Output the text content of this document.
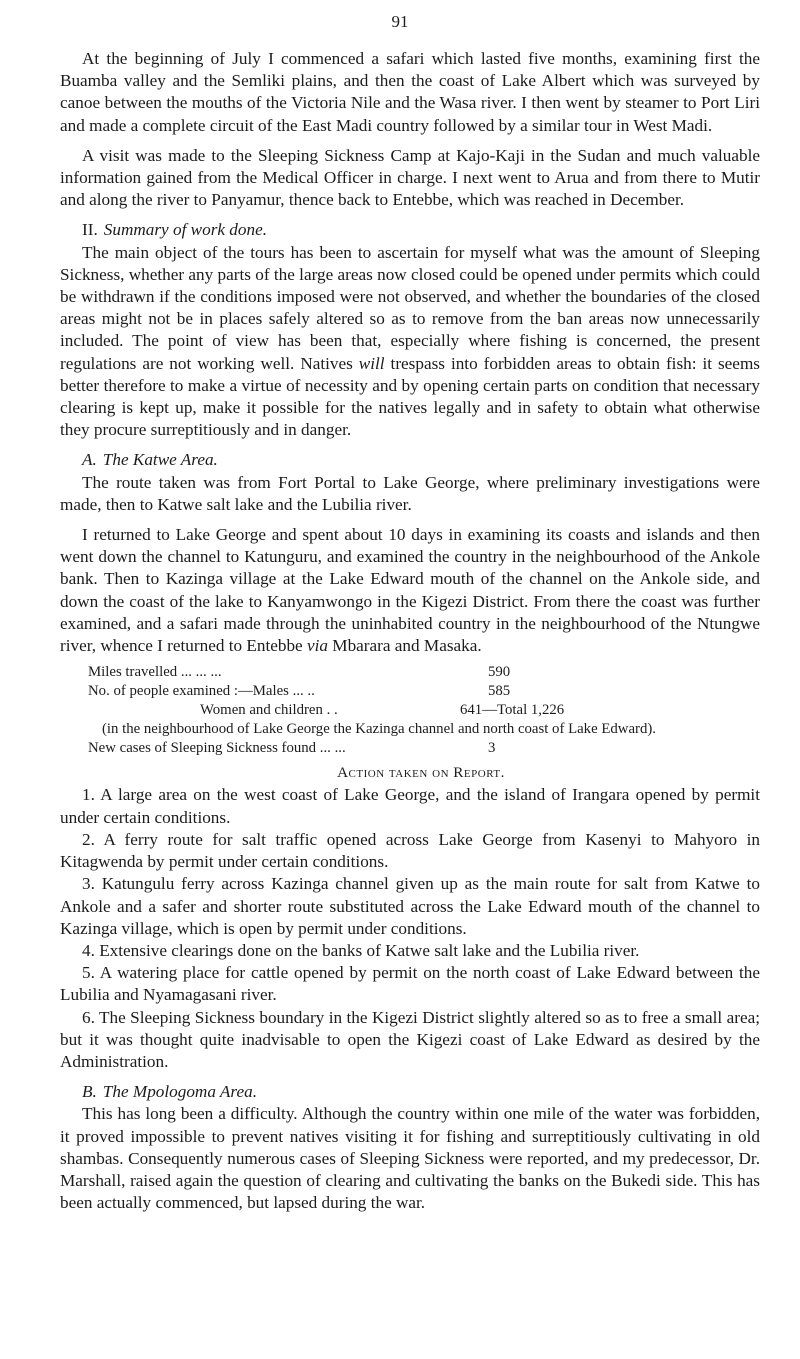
91

At the beginning of July I commenced a safari which lasted five months, examining first the Buamba valley and the Semliki plains, and then the coast of Lake Albert which was surveyed by canoe between the mouths of the Victoria Nile and the Wasa river. I then went by steamer to Port Liri and made a complete circuit of the East Madi country followed by a similar tour in West Madi.

A visit was made to the Sleeping Sickness Camp at Kajo-Kaji in the Sudan and much valuable information gained from the Medical Officer in charge. I next went to Arua and from there to Mutir and along the river to Panyamur, thence back to Entebbe, which was reached in December.

II. Summary of work done.

The main object of the tours has been to ascertain for myself what was the amount of Sleeping Sickness, whether any parts of the large areas now closed could be opened under permits which could be withdrawn if the conditions imposed were not observed, and whether the boundaries of the closed areas might not be in places safely altered so as to remove from the ban areas now unnecessarily included. The point of view has been that, especially where fishing is concerned, the present regulations are not working well. Natives will trespass into forbidden areas to obtain fish: it seems better therefore to make a virtue of necessity and by opening certain parts on condition that necessary clearing is kept up, make it possible for the natives legally and in safety to obtain what otherwise they procure surreptitiously and in danger.

A. The Katwe Area.

The route taken was from Fort Portal to Lake George, where preliminary investigations were made, then to Katwe salt lake and the Lubilia river.

I returned to Lake George and spent about 10 days in examining its coasts and islands and then went down the channel to Katunguru, and examined the country in the neighbourhood of the Ankole bank. Then to Kazinga village at the Lake Edward mouth of the channel on the Ankole side, and down the coast of the lake to Kanyamwongo in the Kigezi District. From there the coast was further examined, and a safari made through the uninhabited country in the neighbourhood of the Ntungwe river, whence I returned to Entebbe via Mbarara and Masaka.

Miles travelled ... ... ...	590
No. of people examined :—Males ... ..	585
Women and children . .	641—Total 1,226
(in the neighbourhood of Lake George the Kazinga channel and north coast of Lake Edward).
New cases of Sleeping Sickness found ... ...	3

Action taken on Report.

1. A large area on the west coast of Lake George, and the island of Irangara opened by permit under certain conditions.

2. A ferry route for salt traffic opened across Lake George from Kasenyi to Mahyoro in Kitagwenda by permit under certain conditions.

3. Katungulu ferry across Kazinga channel given up as the main route for salt from Katwe to Ankole and a safer and shorter route substituted across the Lake Edward mouth of the channel to Kazinga village, which is open by permit under conditions.

4. Extensive clearings done on the banks of Katwe salt lake and the Lubilia river.

5. A watering place for cattle opened by permit on the north coast of Lake Edward between the Lubilia and Nyamagasani river.

6. The Sleeping Sickness boundary in the Kigezi District slightly altered so as to free a small area; but it was thought quite inadvisable to open the Kigezi coast of Lake Edward as desired by the Administration.

B. The Mpologoma Area.

This has long been a difficulty. Although the country within one mile of the water was forbidden, it proved impossible to prevent natives visiting it for fishing and surreptitiously cultivating in old shambas. Consequently numerous cases of Sleeping Sickness were reported, and my predecessor, Dr. Marshall, raised again the question of clearing and cultivating the banks on the Bukedi side. This has been actually commenced, but lapsed during the war.
